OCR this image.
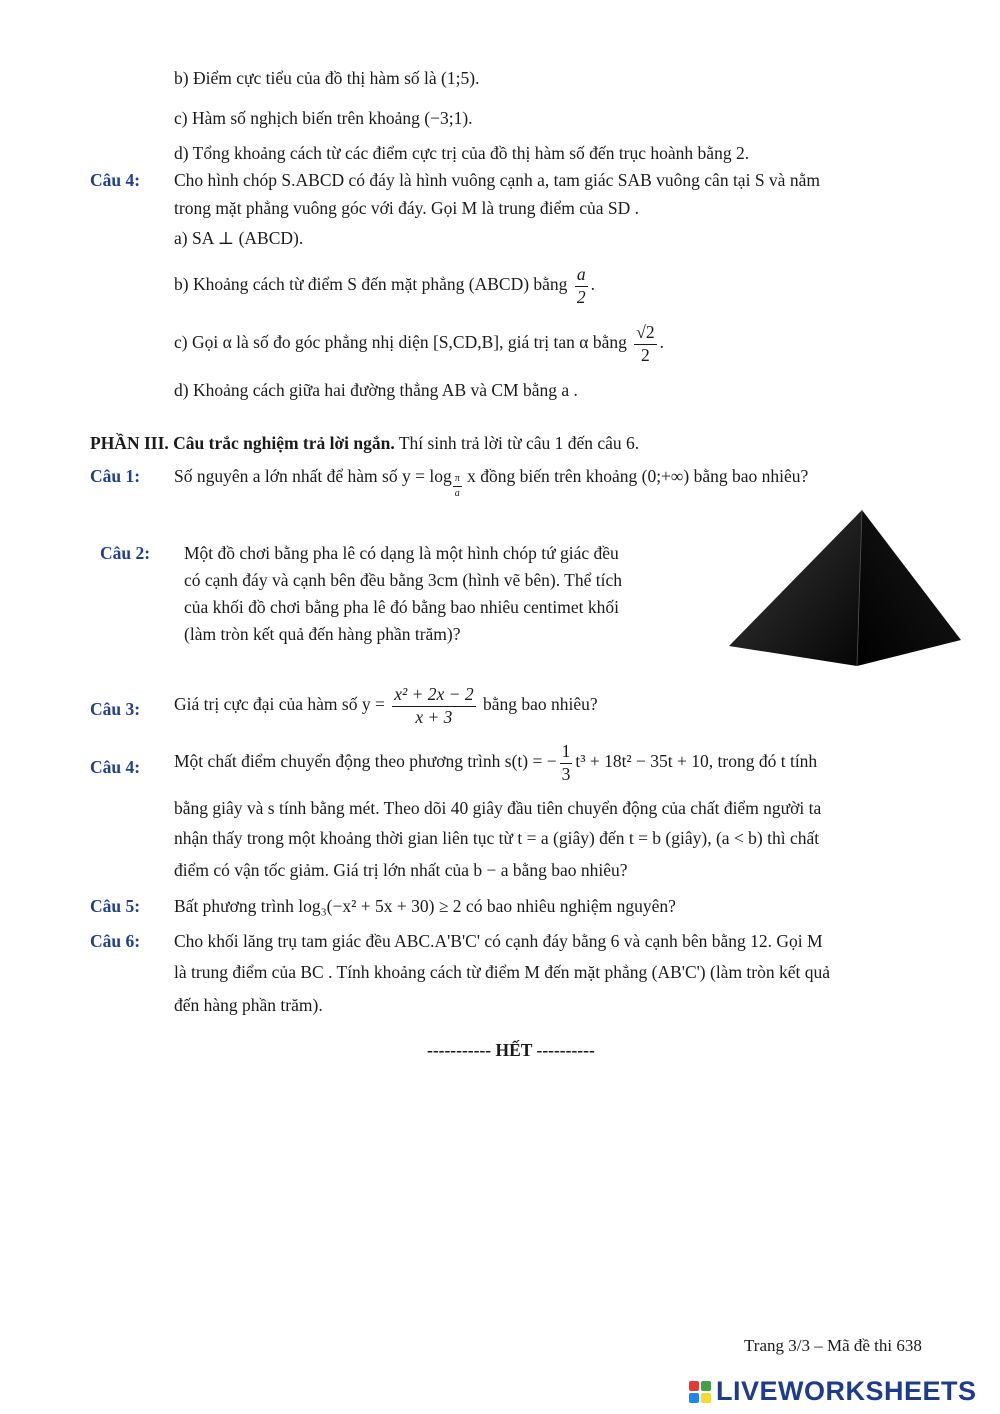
b) Điểm cực tiểu của đồ thị hàm số là (1;5).
c) Hàm số nghịch biến trên khoảng (−3;1).
d) Tổng khoảng cách từ các điểm cực trị của đồ thị hàm số đến trục hoành bằng 2.
Câu 4: Cho hình chóp S.ABCD có đáy là hình vuông cạnh a, tam giác SAB vuông cân tại S và nằm
trong mặt phẳng vuông góc với đáy. Gọi M là trung điểm của SD .
a) SA ⊥ (ABCD).
b) Khoảng cách từ điểm S đến mặt phẳng (ABCD) bằng $\frac{a}{2}$ .
c) Gọi α là số đo góc phẳng nhị diện [S,CD,B], giá trị tan α bằng $\frac{√2}{2}$ .
d) Khoảng cách giữa hai đường thẳng AB và CM bằng a .
PHẦN III. Câu trắc nghiệm trả lời ngắn. Thí sinh trả lời từ câu 1 đến câu 6.
Câu 1: Số nguyên a lớn nhất để hàm số $y = \log \frac{\pi}{a}$ x đồng biến trên khoảng (0;+∞) bằng bao nhiêu?
Câu 2: Một đồ chơi bằng pha lê có dạng là một hình chóp tứ giác đều
có cạnh đáy và cạnh bên đều bằng 3cm (hình vẽ bên). Thể tích
của khối đồ chơi bằng pha lê đó bằng bao nhiêu centimet khối
(làm tròn kết quả đến hàng phần trăm)?
Câu 3: Giá trị cực đại của hàm số $y = \frac{\text{x² + 2x − 2}}{x + 3}$ bằng bao nhiêu?
Câu 4: Một chất điểm chuyển động theo phương trình s(t) = − $\frac{1}{3} t^3 + 18t^2 - 35t + 10$, trong đó t tính
bằng giây và s tính bằng mét. Theo dõi 40 giây đầu tiên chuyển động của chất điểm người ta
nhận thấy trong một khoảng thời gian liên tục từ t = a (giây) đến t = b (giây), (a < b) thì chất
điểm có vận tốc giảm. Giá trị lớn nhất của b − a bằng bao nhiêu?
Câu 5: Bất phương trình log₃(−x² + 5x + 30) ≥ 2 có bao nhiêu nghiệm nguyên?
Câu 6: Cho khối lăng trụ tam giác đều ABC.A'B'C' có cạnh đáy bằng 6 và cạnh bên bằng 12. Gọi M
là trung điểm của BC . Tính khoảng cách từ điểm M đến mặt phẳng (AB'C') (làm tròn kết quả
đến hàng phần trăm).
----------- HẾT ----------
Trang 3/3 – Mã đề thi 638
LIVEWORKSHEETS
